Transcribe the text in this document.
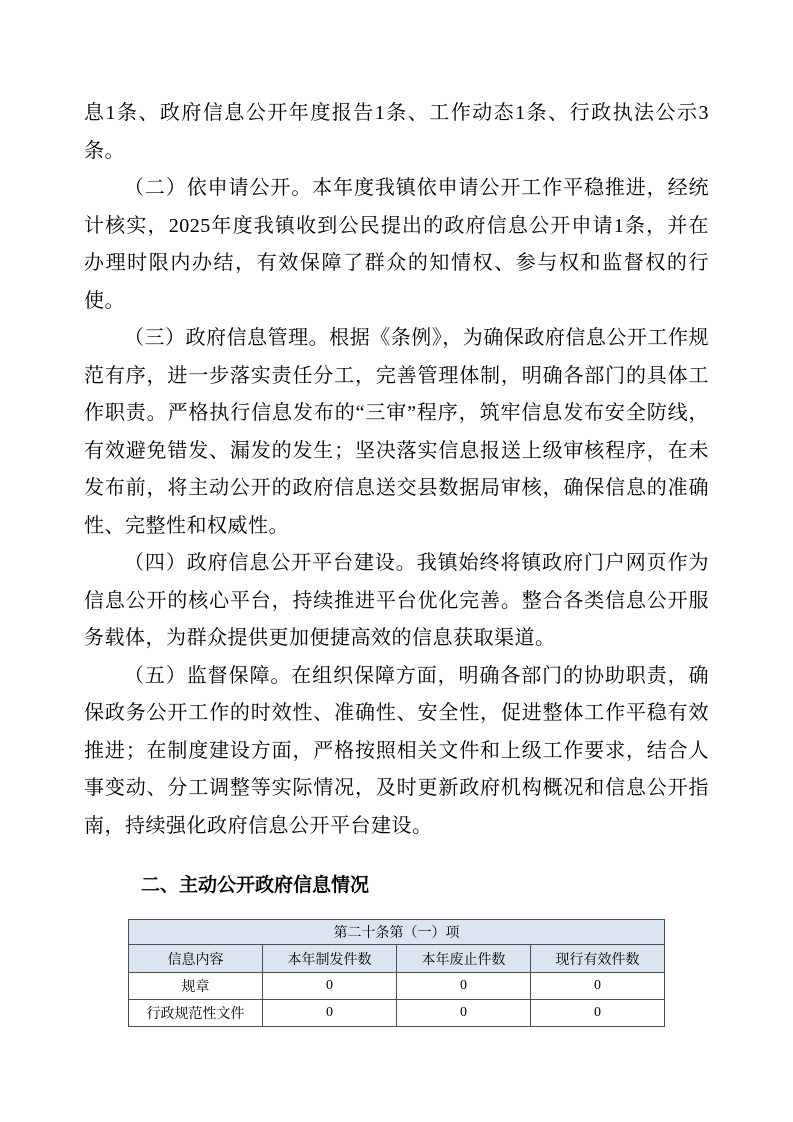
息1条、政府信息公开年度报告1条、工作动态1条、行政执法公示3条。

（二）依申请公开。本年度我镇依申请公开工作平稳推进，经统计核实，2025年度我镇收到公民提出的政府信息公开申请1条，并在办理时限内办结，有效保障了群众的知情权、参与权和监督权的行使。

（三）政府信息管理。根据《条例》，为确保政府信息公开工作规范有序，进一步落实责任分工，完善管理体制，明确各部门的具体工作职责。严格执行信息发布的“三审”程序，筑牢信息发布安全防线，有效避免错发、漏发的发生；坚决落实信息报送上级审核程序，在未发布前，将主动公开的政府信息送交县数据局审核，确保信息的准确性、完整性和权威性。

（四）政府信息公开平台建设。我镇始终将镇政府门户网页作为信息公开的核心平台，持续推进平台优化完善。整合各类信息公开服务载体，为群众提供更加便捷高效的信息获取渠道。

（五）监督保障。在组织保障方面，明确各部门的协助职责，确保政务公开工作的时效性、准确性、安全性，促进整体工作平稳有效推进；在制度建设方面，严格按照相关文件和上级工作要求，结合人事变动、分工调整等实际情况，及时更新政府机构概况和信息公开指南，持续强化政府信息公开平台建设。

二、主动公开政府信息情况
第二十条第（一）项			
信息内容	本年制发件数	本年废止件数	现行有效件数
规章	0	0	0
行政规范性文件	0	0	0
